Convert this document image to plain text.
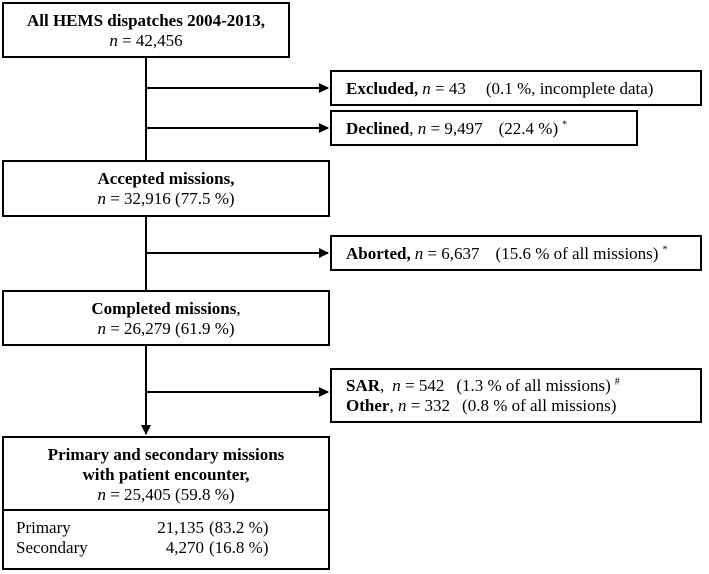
All HEMS dispatches 2004-2013,
n = 42,456
Excluded, n = 43 (0.1 %, incomplete data)
Declined, n = 9,497 (22.4 %) *
Accepted missions,
n = 32,916 (77.5 %)
Aborted, n = 6,637 (15.6 % of all missions) *
Completed missions,
n = 26,279 (61.9 %)
SAR, n = 542 (1.3 % of all missions) #
Other, n = 332 (0.8 % of all missions)
Primary and secondary missions
with patient encounter,
n = 25,405 (59.8 %)
Primary	21,135 (83.2 %)
Secondary	4,270 (16.8 %)
